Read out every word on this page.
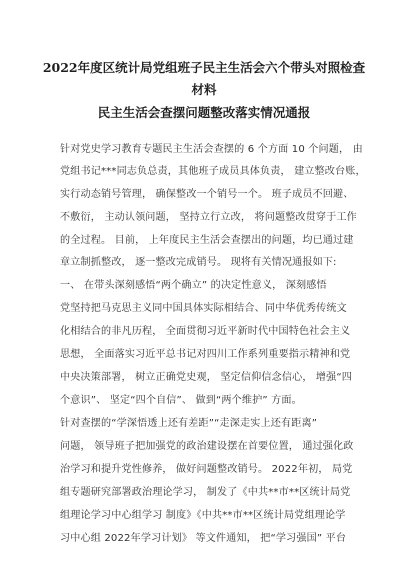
2022年度区统计局党组班子民主生活会六个带头对照检查
材料
民主生活会查摆问题整改落实情况通报
针对党史学习教育专题民主生活会查摆的 6 个方面 10 个问题， 由
党组书记***同志负总责，其他班子成员具体负责， 建立整改台账，
实行动态销号管理， 确保整改一个销号一个。 班子成员不回避、
不敷衍， 主动认领问题， 坚持立行立改， 将问题整改贯穿于工作
的全过程。 目前， 上年度民主生活会查摆出的问题，均已通过建
章立制抓整改， 逐一整改完成销号。 现将有关情况通报如下:
一、 在带头深刻感悟“两个确立” 的决定性意义， 深刻感悟
党坚持把马克思主义同中国具体实际相结合、同中华优秀传统文
化相结合的非凡历程， 全面贯彻习近平新时代中国特色社会主义
思想， 全面落实习近平总书记对四川工作系列重要指示精神和党
中央决策部署， 树立正确党史观， 坚定信仰信念信心， 增强“四
个意识”、 坚定“四个自信”、 做到“两个维护” 方面。
针对查摆的“学深悟透上还有差距”“走深走实上还有距离”
问题， 领导班子把加强党的政治建设摆在首要位置， 通过强化政
治学习和提升党性修养， 做好问题整改销号。 2022年初， 局党
组专题研究部署政治理论学习， 制发了《中共**市**区统计局党
组理论学习中心组学习 制度》《中共**市**区统计局党组理论学
习中心组 2022年学习计划》 等文件通知， 把“学习强国” 平台
